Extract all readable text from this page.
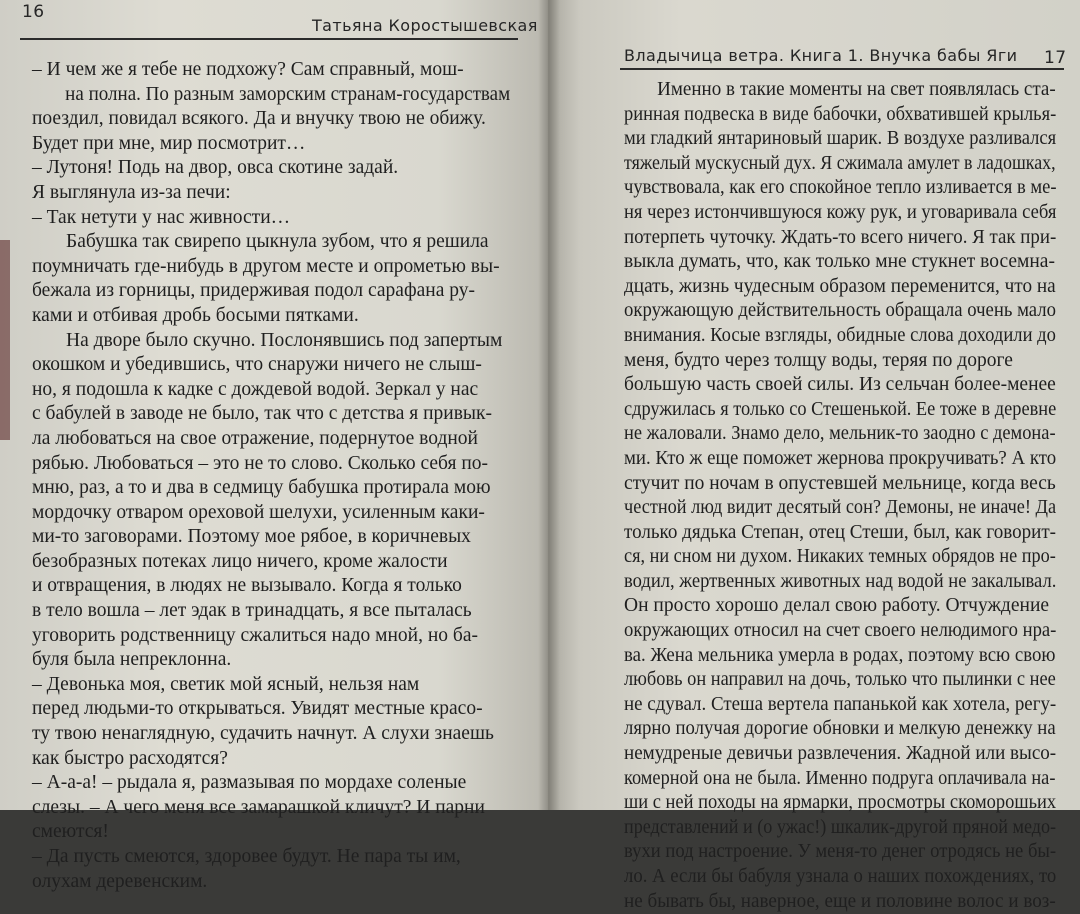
16
Татьяна Коростышевская
– И чем же я тебе не подхожу? Сам справный, мош-
на полна. По разным заморским странам-государствам
поездил, повидал всякого. Да и внучку твою не обижу.
Будет при мне, мир посмотрит…
– Лутоня! Подь на двор, овса скотине задай.
Я выглянула из-за печи:
– Так нетути у нас живности…
Бабушка так свирепо цыкнула зубом, что я решила
поумничать где-нибудь в другом месте и опрометью вы-
бежала из горницы, придерживая подол сарафана ру-
ками и отбивая дробь босыми пятками.
На дворе было скучно. Послонявшись под запертым
окошком и убедившись, что снаружи ничего не слыш-
но, я подошла к кадке с дождевой водой. Зеркал у нас
с бабулей в заводе не было, так что с детства я привык-
ла любоваться на свое отражение, подернутое водной
рябью. Любоваться – это не то слово. Сколько себя по-
мню, раз, а то и два в седмицу бабушка протирала мою
мордочку отваром ореховой шелухи, усиленным каки-
ми-то заговорами. Поэтому мое рябое, в коричневых
безобразных потеках лицо ничего, кроме жалости
и отвращения, в людях не вызывало. Когда я только
в тело вошла – лет эдак в тринадцать, я все пыталась
уговорить родственницу сжалиться надо мной, но ба-
буля была непреклонна.
– Девонька моя, светик мой ясный, нельзя нам
перед людьми-то открываться. Увидят местные красо-
ту твою ненаглядную, судачить начнут. А слухи знаешь
как быстро расходятся?
– А-а-а! – рыдала я, размазывая по мордахе соленые
слезы. – А чего меня все замарашкой кличут? И парни
смеются!
– Да пусть смеются, здоровее будут. Не пара ты им,
олухам деревенским.
Владычица ветра. Книга 1. Внучка бабы Яги 17
Именно в такие моменты на свет появлялась ста-
ринная подвеска в виде бабочки, обхватившей крылья-
ми гладкий янтариновый шарик. В воздухе разливался
тяжелый мускусный дух. Я сжимала амулет в ладошках,
чувствовала, как его спокойное тепло изливается в ме-
ня через истончившуюся кожу рук, и уговаривала себя
потерпеть чуточку. Ждать-то всего ничего. Я так при-
выкла думать, что, как только мне стукнет восемна-
дцать, жизнь чудесным образом переменится, что на
окружающую действительность обращала очень мало
внимания. Косые взгляды, обидные слова доходили до
меня, будто через толщу воды, теряя по дороге
большую часть своей силы. Из сельчан более-менее
сдружилась я только со Стешенькой. Ее тоже в деревне
не жаловали. Знамо дело, мельник-то заодно с демона-
ми. Кто ж еще поможет жернова прокручивать? А кто
стучит по ночам в опустевшей мельнице, когда весь
честной люд видит десятый сон? Демоны, не иначе! Да
только дядька Степан, отец Стеши, был, как говорит-
ся, ни сном ни духом. Никаких темных обрядов не про-
водил, жертвенных животных над водой не закалывал.
Он просто хорошо делал свою работу. Отчуждение
окружающих относил на счет своего нелюдимого нра-
ва. Жена мельника умерла в родах, поэтому всю свою
любовь он направил на дочь, только что пылинки с нее
не сдувал. Стеша вертела папанькой как хотела, регу-
лярно получая дорогие обновки и мелкую денежку на
немудреные девичьи развлечения. Жадной или высо-
комерной она не была. Именно подруга оплачивала на-
ши с ней походы на ярмарки, просмотры скоморошьих
представлений и (о ужас!) шкалик-другой пряной медо-
вухи под настроение. У меня-то денег отродясь не бы-
ло. А если бы бабуля узнала о наших похождениях, то
не бывать бы, наверное, еще и половине волос и воз-
